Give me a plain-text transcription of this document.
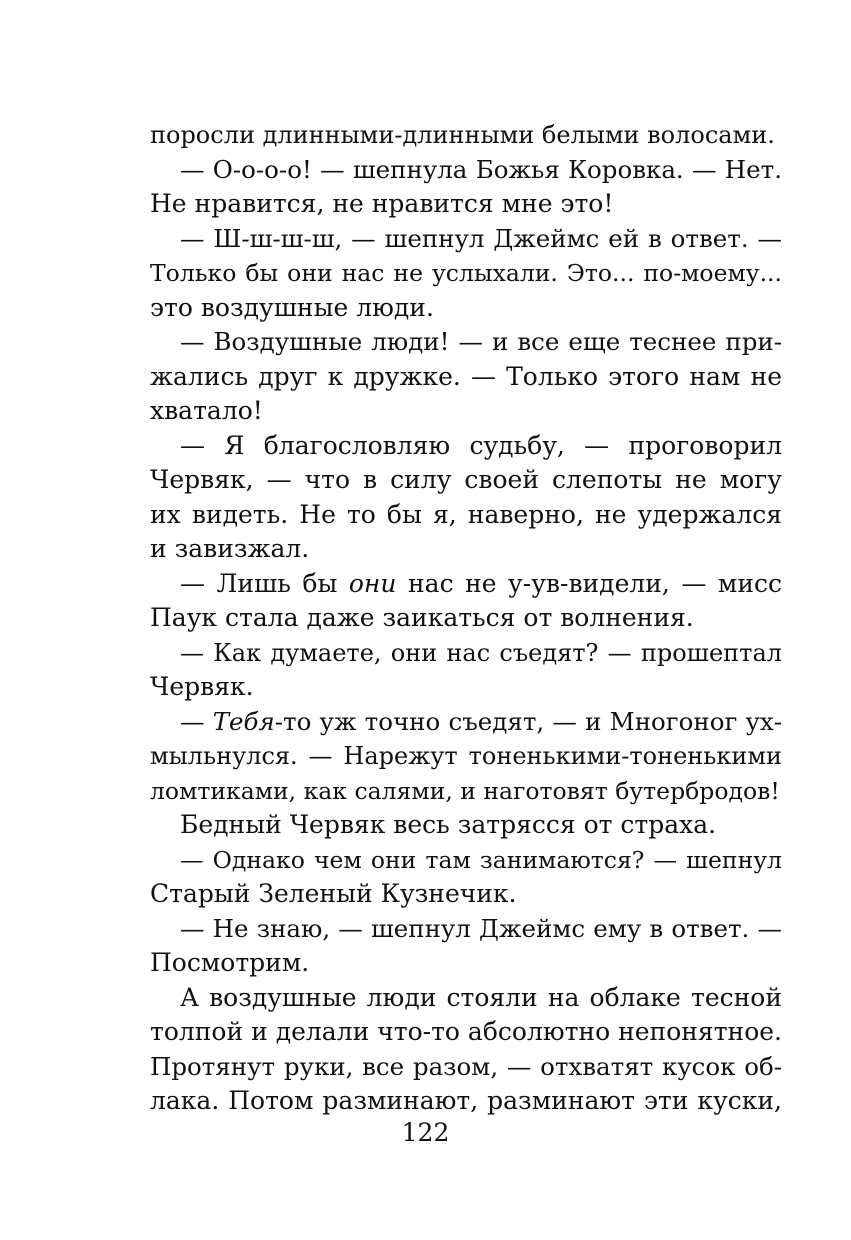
поросли длинными-длинными белыми волосами.
— О-о-о-о! — шепнула Божья Коровка. — Нет.
Не нравится, не нравится мне это!
— Ш-ш-ш-ш, — шепнул Джеймс ей в ответ. —
Только бы они нас не услыхали. Это... по-моему...
это воздушные люди.
— Воздушные люди! — и все еще теснее при-
жались друг к дружке. — Только этого нам не
хватало!
— Я благословляю судьбу, — проговорил
Червяк, — что в силу своей слепоты не могу
их видеть. Не то бы я, наверно, не удержался
и завизжал.
— Лишь бы они нас не у-ув-видели, — мисс
Паук стала даже заикаться от волнения.
— Как думаете, они нас съедят? — прошептал
Червяк.
— Тебя-то уж точно съедят, — и Многоног ух-
мыльнулся. — Нарежут тоненькими-тоненькими
ломтиками, как салями, и наготовят бутербродов!
Бедный Червяк весь затрясся от страха.
— Однако чем они там занимаются? — шепнул
Старый Зеленый Кузнечик.
— Не знаю, — шепнул Джеймс ему в ответ. —
Посмотрим.
А воздушные люди стояли на облаке тесной
толпой и делали что-то абсолютно непонятное.
Протянут руки, все разом, — отхватят кусок об-
лака. Потом разминают, разминают эти куски,
122
